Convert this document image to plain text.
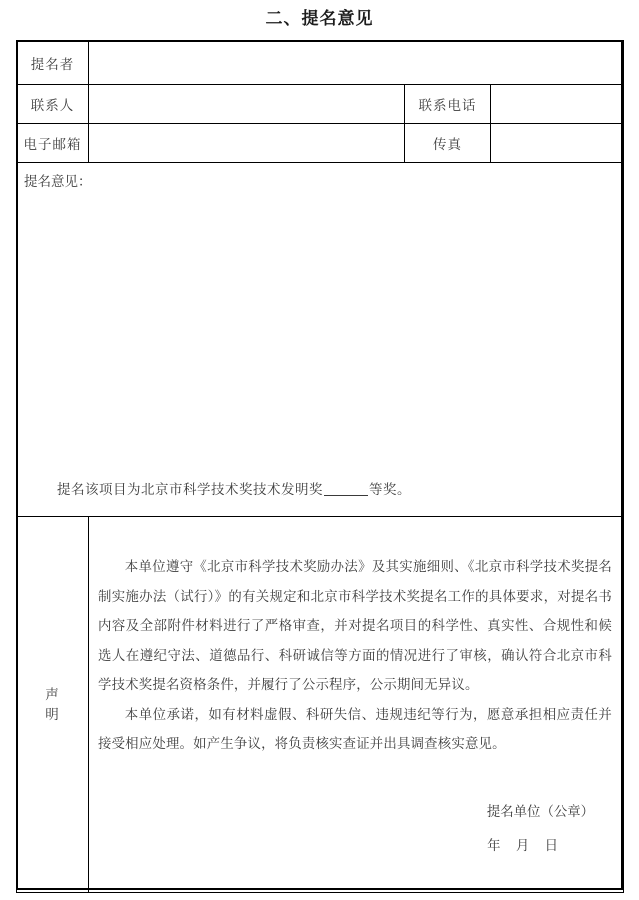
二、提名意见
提名者			
联系人		联系电话	
电子邮箱		传真	

提名意见：
提名该项目为北京市科学技术奖技术发明奖 等奖。			

声
明

本单位遵守《北京市科学技术奖励办法》及其实施细则、《北京市科学技术奖提名制实施办法（试行）》的有关规定和北京市科学技术奖提名工作的具体要求，对提名书内容及全部附件材料进行了严格审查，并对提名项目的科学性、真实性、合规性和候选人在遵纪守法、道德品行、科研诚信等方面的情况进行了审核，确认符合北京市科学技术奖提名资格条件，并履行了公示程序，公示期间无异议。

本单位承诺，如有材料虚假、科研失信、违规违纪等行为，愿意承担相应责任并接受相应处理。如产生争议，将负责核实查证并出具调查核实意见。

提名单位（公章）
年 月 日
